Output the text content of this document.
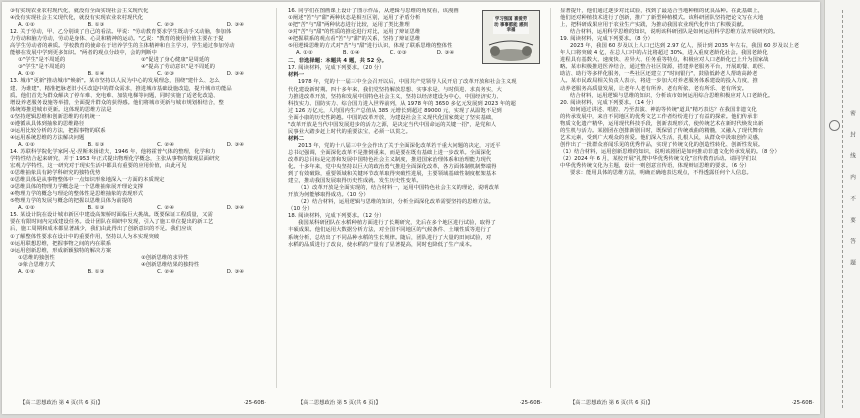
③有实现农业农村现代化，就没有全面实现社会主义现代化

④没有实现社会主义现代化，就没有实现农业农村现代化

A. ①②	B. ①③	C. ②③	D. ③④

12. 关于劳动，甲、乙分别谈了自己的看法。甲说："劳动教育要求学生既动手又动脑，参加体

力劳动和脑力劳动，劳动是身体、心灵和精神的运动。"乙说："教育的使用价值主要在于提

高学生劳动者的素质。学校教育的使命在于培养学生的主体精神和自主学习，学生通过参加劳动

能够在发展中学到更多知识。"两者的观点分歧中，会的判断中

①"学生"是不周延的	②"促进了身心健康"是周延的
③"学生"是不周延的	④"提高了劳动意识"是不周延的
A. ①②	B. ①④	C. ②③	D. ③④

13. 城市"更新"推动城市"焕新"。某市坚持以人民为中心的发展理念，围绕"建什么、怎么

建、为谁建"，精准把脉老旧小区改造中的群众需求，推进城市基础设施改造，提升城市功能品

质。他们首先为群众解决了停车难、充电难、加装电梯等问题，同时实施了适老化改造、

增设养老服务设施等举措，全面提升群众的获得感。他们将城市更新与城市规划相结合，整

体统筹推进城市更新。这体现的思维方法是

①坚持逻辑思维和创新思维的有机统一

②遵循从具体到抽象的思维路径

③运用比较分析的方法，把握事物的联系

④运用系统思维的方法解决问题

A. ①②	B. ①③	C. ②④	D. ③④

14. 苏联科学院化学家阿·尼·涅斯米扬诺夫，1946 年，他将霍普气体的整理，化学和力

学特性结合起来研究，并于 1953 年正式提出物理化学概念，主张从事物的微观层面研究

宏观力学特性，这一研究对于现实生活中都具有重要的应用价值，由此可见

①思维抽象具有跨学科研究的独特优势

②思维具体是从事物整体中一点知识形象地深入一方面的本质规定

③思维具体的物理力学概念是一个思维抽象展开理论支撑

④物理力学的概念与理论的整体性是思维抽象的表现形式

⑤物理力学的发展与概念的把握以思维具体为前提的

A. ①②	B. ①③	C. ②④	D. ③④

15. 某设计院在设计城市新区中建设高架桥时面临巨大挑战。既要保证工程质量，又需

要在有限时间内完成建设任务。设计团队在调研中发现，引入了施工单位提出的新工艺

后，施工周期和成本都显著减少，我们由此得出了创新意识的不足。我们应该

①了解整体性要求在设计中的重要作用，坚持以人为本实现突破

②运用联想思维，把握事物之间的内在联系

③运用创新思维，形成新颖独特的解决方案

①思维的独创性	②创新思维的求异性
③象合思维方式	④创新思维结果的独特性
A. ①②	B. ①③	C. ②④	D. ③④

16. 同学们在图画课上设计了图示作品，从逻辑与思维的角度看，该漫画

①阐述"苦"与"甜"两种状态是相互区别，运用了矛盾分析

②把"苦"与"甜"两种状态进行比较，运用了类比推理

③对"苦"与"甜"的性质的推论进行对比，运用了辩证思维

④把握联系的观点看"苦"与"甜"的关系，坚持了辩证思维

⑤用逻辑思维的方式对"苦"与"甜"进行认识，体现了联系思维的整体性

A. ①②	B. ①④	C. ②③	D. ③④

二、非选择题：本题共 4 题，共 52 分。

17. 阅读材料，完成下列要求。（20 分）

材料一

1978 年，党的十一届三中全会召开以后，中国共产党领导人民开启了改革开放和社会主义现

代化建设新时期。四十多年来，我们党坚持解放思想、实事求是、与时俱进、求真务实，大

力推进改革开放，坚持和发展中国特色社会主义，坚持以经济建设为中心，中国经济实力、

科技实力、国防实力、综合国力进入世界前列，从 1978 年的 3650 多亿元发展到 2023 年的超

过 126 万亿元，人均国内生产总值从 385 元增长到超过 89000 元，实现了从温饱不足到

全面小康的历史性跨越。中国的改革开放，为建设社会主义现代化国家奠定了坚实基础，

"改革开放是当代中国发展进步的活力之源，是决定当代中国命运的关键一招"，是党和人

民事业大踏步赶上时代的重要法宝，必须一以贯之。

材料二

2013 年，党的十八届三中全会作出了关于全面深化改革若干重大问题的决定，习近平

总书记强调，全面深化改革不是推倒重来，而是要在既有基础上进一步改革。全面深化

改革的总目标是完善和发展中国特色社会主义制度，推进国家治理体系和治理能力现代

化。十多年来，党中央坚持以巨大的政治勇气推进全面深化改革，各方面体制机制弊端得

到了有效破除，重要领域和关键环节改革取得突破性进展，主要领域基础性制度框架基本

建立，推动我国发展取得历史性成就、发生历史性变革。

（1）改革开放是全面实现的，结合材料一，运用中国特色社会主义的理论，说明改革

开放为何能够取得成功。（10 分）

（2）结合材料，运用逻辑与思维的知识，分析全面深化改革需要坚持的思维方法。

（10 分）

18. 阅读材料，完成下列要求。（12 分）

我国某科研团队在水稻种植方面进行了长期研究，先后在多个地区进行试验，取得了

丰硕成果。他们运用大数据分析方法，对全国不同地区的气候条件、土壤性质等进行了

系统分析，总结出了不同品种水稻的生长规律。随后，团队进行了大量的田间试验，对

水稻的品质进行了改良，使水稻的产量有了显著提高，同时也降低了生产成本。

学习强国 喜爱劳动 事事都能 感到幸福

显著提升，他们通过逐步对比试验，找到了最适合当地种植的优良品种。在此基础上，

他们还对种植技术进行了创新，推广了新型种植模式。该科研团队坚持把论文写在大地

上，把科研成果应用于农业生产实践，为推动我国农业现代化作出了积极贡献。

结合材料，运用科学思维的知识，说明该科研团队是如何运用科学思维方法开展研究的。

19. 阅读材料，完成下列要求。（8 分）

2023 年，我国 60 岁及以上人口已达到 2.97 亿人，预计到 2035 年左右，我国 60 岁及以上老

年人口将突破 4 亿，在总人口中的占比将超过 30%，进入重度老龄化社会。我国老龄化

进程具有基数大、速度快、差异大、任务重等特点，积极应对人口老龄化已上升为国家战

略。某市积极推进医养结合，通过整合社区资源，搭建养老服务平台，开展助餐、助医、

助洁、助行等多样化服务，一些社区还建立了"时间银行"，鼓励低龄老人帮助高龄老

人。某市民政局相关负责人表示，将进一步加大对养老服务体系建设的投入力度，推

动养老服务高质量发展，让老年人老有所养、老有所依、老有所乐、老有所安。

结合材料，运用逻辑与思维的知识，分析该市如何运用综合思维积极应对人口老龄化。

20. 阅读材料，完成下列要求。（14 分）

如何通过讲述、唱腔、乃至表演、神韵等传统"道具"精巧表达？在我国非遗文化

的传承发展中，来自不同地区的优秀文艺工作者纷纷进行了有益的探索。他们传承非

物质文化遗产精华，运用现代科技手段，创新表现形式，使传统艺术在新时代焕发出新

的生机与活力。某剧团在创排新剧目时，既保留了传统戏曲的精髓，又融入了现代舞台

艺术元素，受到广大观众的喜爱。他们深入生活，扎根人民，从群众中汲取创作灵感，

创作出了一批群众喜闻乐见的优秀作品，实现了传统文化的创造性转化、创新性发展。

（1）结合材料，运用创新思维的知识，说明该剧团是如何推动非遗文化传承发展的。（8 分）

（2）2024 年 6 月，某校开展"礼赞中华优秀传统文化"宣传教育活动。请同学们以

中华优秀传统文化为主题，设计一则创意宣传语，体现辩证思维的要求。（6 分）

要求：能用具体的思维方法，明确正确地表达观点，不得透露任何个人信息。

【高二思想政治 第 4 页(共 6 页)】	·25-60B·	【高二思想政治 第 5 页(共 6 页)】	·25-60B·	【高二思想政治 第 6 页(共 6 页)】	·25-60B·
密 封 线 内 不 要 答 题
